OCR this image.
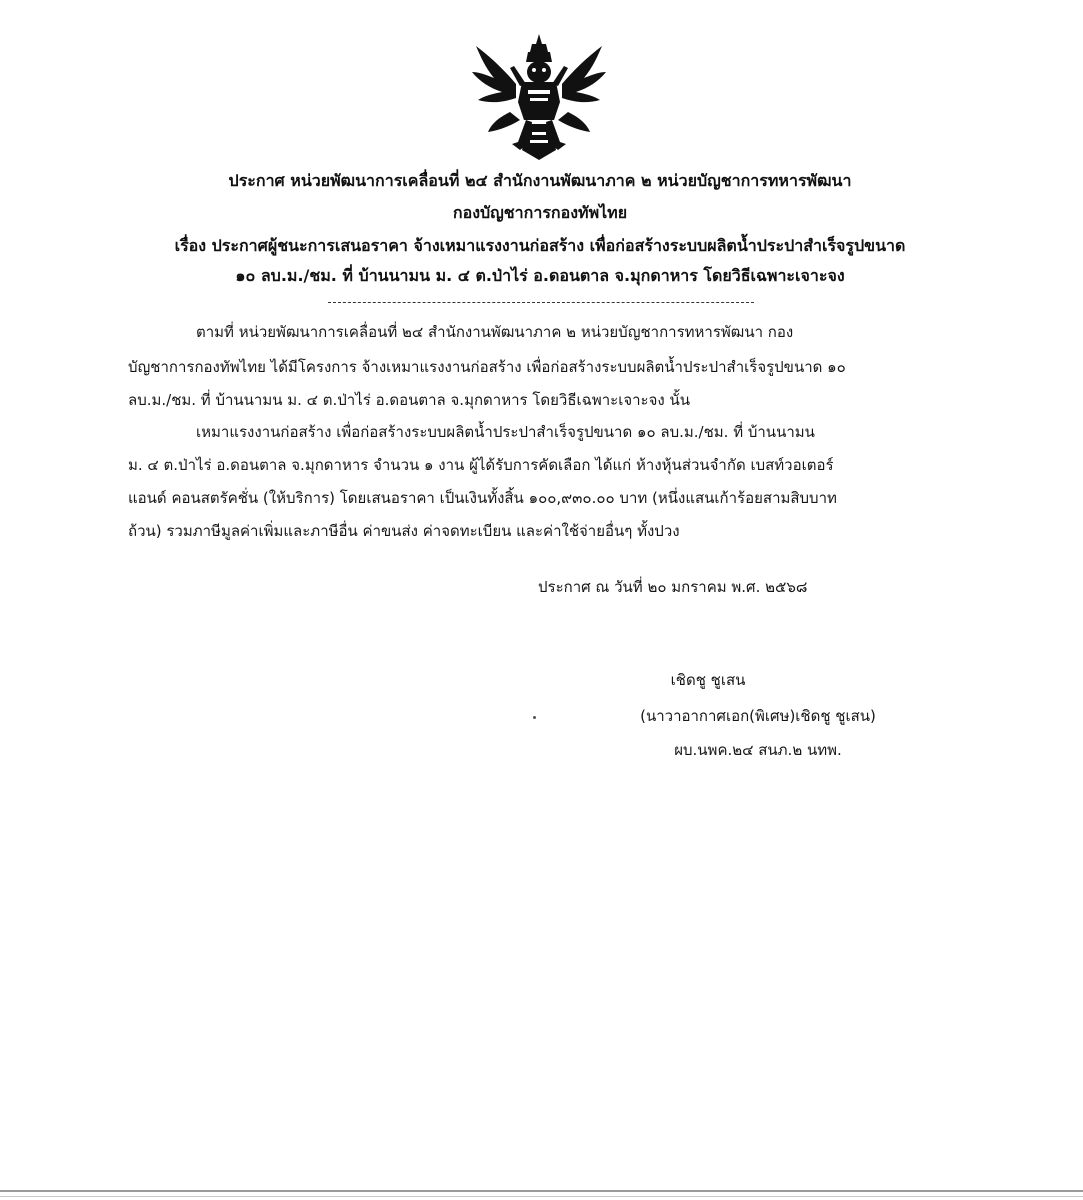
ประกาศ หน่วยพัฒนาการเคลื่อนที่ ๒๔ สำนักงานพัฒนาภาค ๒ หน่วยบัญชาการทหารพัฒนา
กองบัญชาการกองทัพไทย
เรื่อง ประกาศผู้ชนะการเสนอราคา จ้างเหมาแรงงานก่อสร้าง เพื่อก่อสร้างระบบผลิตน้ำประปาสำเร็จรูปขนาด
๑๐ ลบ.ม./ชม. ที่ บ้านนามน ม. ๔ ต.ป่าไร่ อ.ดอนตาล จ.มุกดาหาร โดยวิธีเฉพาะเจาะจง
ตามที่ หน่วยพัฒนาการเคลื่อนที่ ๒๔ สำนักงานพัฒนาภาค ๒ หน่วยบัญชาการทหารพัฒนา กอง
บัญชาการกองทัพไทย ได้มีโครงการ จ้างเหมาแรงงานก่อสร้าง เพื่อก่อสร้างระบบผลิตน้ำประปาสำเร็จรูปขนาด ๑๐
ลบ.ม./ชม. ที่ บ้านนามน ม. ๔ ต.ป่าไร่ อ.ดอนตาล จ.มุกดาหาร โดยวิธีเฉพาะเจาะจง นั้น
เหมาแรงงานก่อสร้าง เพื่อก่อสร้างระบบผลิตน้ำประปาสำเร็จรูปขนาด ๑๐ ลบ.ม./ชม. ที่ บ้านนามน
ม. ๔ ต.ป่าไร่ อ.ดอนตาล จ.มุกดาหาร จำนวน ๑ งาน ผู้ได้รับการคัดเลือก ได้แก่ ห้างหุ้นส่วนจำกัด เบสท์วอเตอร์
แอนด์ คอนสตรัคชั่น (ให้บริการ) โดยเสนอราคา เป็นเงินทั้งสิ้น ๑๐๐,๙๓๐.๐๐ บาท (หนึ่งแสนเก้าร้อยสามสิบบาท
ถ้วน) รวมภาษีมูลค่าเพิ่มและภาษีอื่น ค่าขนส่ง ค่าจดทะเบียน และค่าใช้จ่ายอื่นๆ ทั้งปวง
ประกาศ ณ วันที่ ๒๐ มกราคม พ.ศ. ๒๕๖๘
เชิดชู ชูเสน
(นาวาอากาศเอก(พิเศษ)เชิดชู ชูเสน)
ผบ.นพค.๒๔ สนภ.๒ นทพ.
